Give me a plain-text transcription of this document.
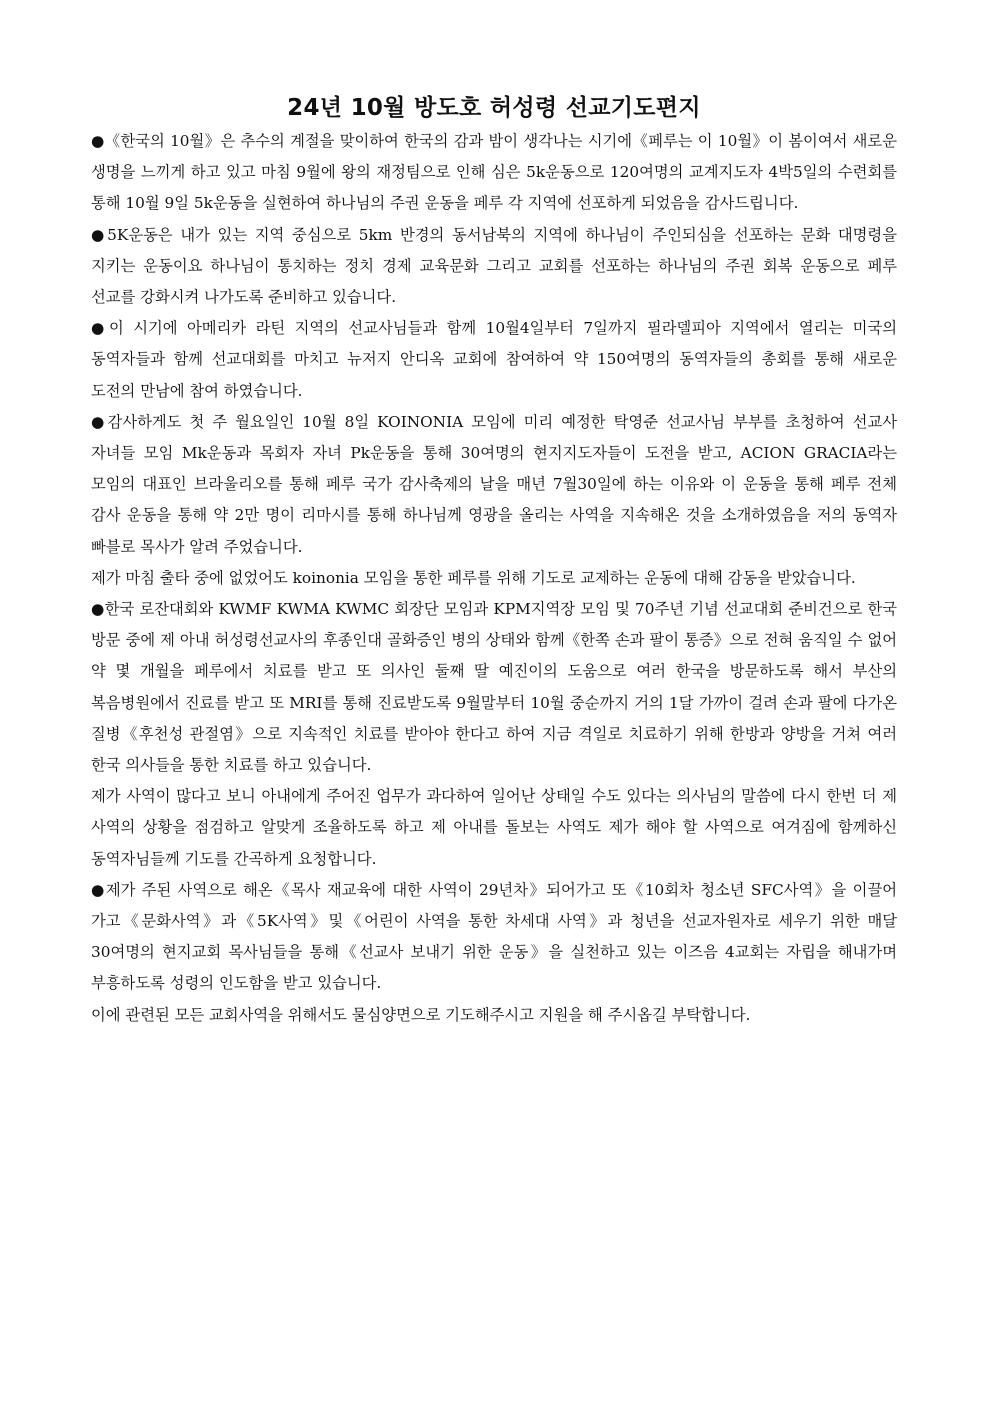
24년 10월 방도호 허성령 선교기도편지

●《한국의 10월》은 추수의 계절을 맞이하여 한국의 감과 밤이 생각나는 시기에《페루는 이 10월》이 봄이여서 새로운 생명을 느끼게 하고 있고 마침 9월에 왕의 재정팀으로 인해 심은 5k운동으로 120여명의 교계지도자 4박5일의 수련회를 통해 10월 9일 5k운동을 실현하여 하나님의 주권 운동을 페루 각 지역에 선포하게 되었음을 감사드립니다.

●5K운동은 내가 있는 지역 중심으로 5km 반경의 동서남북의 지역에 하나님이 주인되심을 선포하는 문화 대명령을 지키는 운동이요 하나님이 통치하는 정치 경제 교육문화 그리고 교회를 선포하는 하나님의 주권 회복 운동으로 페루 선교를 강화시켜 나가도록 준비하고 있습니다.

●이 시기에 아메리카 라틴 지역의 선교사님들과 함께 10월4일부터 7일까지 필라델피아 지역에서 열리는 미국의 동역자들과 함께 선교대회를 마치고 뉴저지 안디옥 교회에 참여하여 약 150여명의 동역자들의 총회를 통해 새로운 도전의 만남에 참여 하였습니다.

●감사하게도 첫 주 월요일인 10월 8일 KOINONIA 모임에 미리 예정한 탁영준 선교사님 부부를 초청하여 선교사 자녀들 모임 Mk운동과 목회자 자녀 Pk운동을 통해 30여명의 현지지도자들이 도전을 받고, ACION GRACIA라는 모임의 대표인 브라울리오를 통해 페루 국가 감사축제의 날을 매년 7월30일에 하는 이유와 이 운동을 통해 페루 전체 감사 운동을 통해 약 2만 명이 리마시를 통해 하나님께 영광을 올리는 사역을 지속해온 것을 소개하였음을 저의 동역자 빠블로 목사가 알려 주었습니다.

제가 마침 출타 중에 없었어도 koinonia 모임을 통한 페루를 위해 기도로 교제하는 운동에 대해 감동을 받았습니다.

●한국 로잔대회와 KWMF KWMA KWMC 회장단 모임과 KPM지역장 모임 및 70주년 기념 선교대회 준비건으로 한국 방문 중에 제 아내 허성령선교사의 후종인대 골화증인 병의 상태와 함께《한쪽 손과 팔이 통증》으로 전혀 움직일 수 없어 약 몇 개월을 페루에서 치료를 받고 또 의사인 둘째 딸 예진이의 도움으로 여러 한국을 방문하도록 해서 부산의 복음병원에서 진료를 받고 또 MRI를 통해 진료받도록 9월말부터 10월 중순까지 거의 1달 가까이 걸려 손과 팔에 다가온 질병《후천성 관절염》으로 지속적인 치료를 받아야 한다고 하여 지금 격일로 치료하기 위해 한방과 양방을 거쳐 여러 한국 의사들을 통한 치료를 하고 있습니다.

제가 사역이 많다고 보니 아내에게 주어진 업무가 과다하여 일어난 상태일 수도 있다는 의사님의 말씀에 다시 한번 더 제 사역의 상황을 점검하고 알맞게 조율하도록 하고 제 아내를 돌보는 사역도 제가 해야 할 사역으로 여겨짐에 함께하신 동역자님들께 기도를 간곡하게 요청합니다.

●제가 주된 사역으로 해온《목사 재교육에 대한 사역이 29년차》되어가고 또《10회차 청소년 SFC사역》을 이끌어 가고《문화사역》과《5K사역》및《어린이 사역을 통한 차세대 사역》과 청년을 선교자원자로 세우기 위한 매달 30여명의 현지교회 목사님들을 통해《선교사 보내기 위한 운동》을 실천하고 있는 이즈음 4교회는 자립을 해내가며 부흥하도록 성령의 인도함을 받고 있습니다.

이에 관련된 모든 교회사역을 위해서도 물심양면으로 기도해주시고 지원을 해 주시옵길 부탁합니다.
